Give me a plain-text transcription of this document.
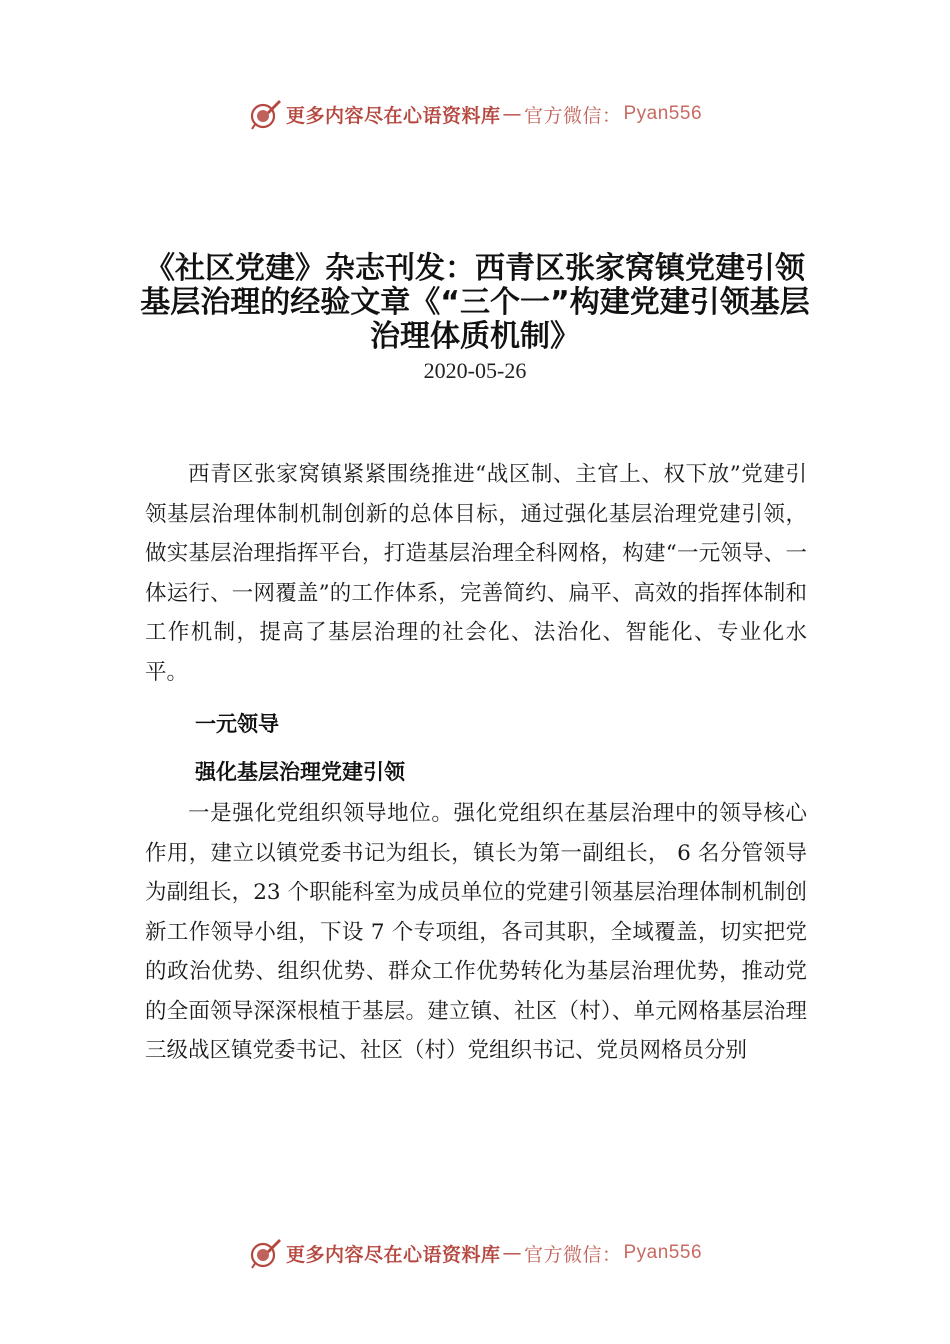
更多内容尽在心语资料库 — 官方微信： Pyan556
《社区党建》杂志刊发：西青区张家窝镇党建引领基层治理的经验文章《“三个一”构建党建引领基层治理体质机制》
2020-05-26

西青区张家窝镇紧紧围绕推进“战区制、主官上、权下放”党建引领基层治理体制机制创新的总体目标，通过强化基层治理党建引领，做实基层治理指挥平台，打造基层治理全科网格，构建“一元领导、一体运行、一网覆盖”的工作体系，完善简约、扁平、高效的指挥体制和工作机制，提高了基层治理的社会化、法治化、智能化、专业化水平。

一元领导
强化基层治理党建引领

一是强化党组织领导地位。强化党组织在基层治理中的领导核心作用，建立以镇党委书记为组长，镇长为第一副组长， 6 名分管领导为副组长，23 个职能科室为成员单位的党建引领基层治理体制机制创新工作领导小组，下设 7 个专项组，各司其职，全域覆盖，切实把党的政治优势、组织优势、群众工作优势转化为基层治理优势，推动党的全面领导深深根植于基层。建立镇、社区（村）、单元网格基层治理三级战区镇党委书记、社区（村）党组织书记、党员网格员分别

更多内容尽在心语资料库 — 官方微信： Pyan556
